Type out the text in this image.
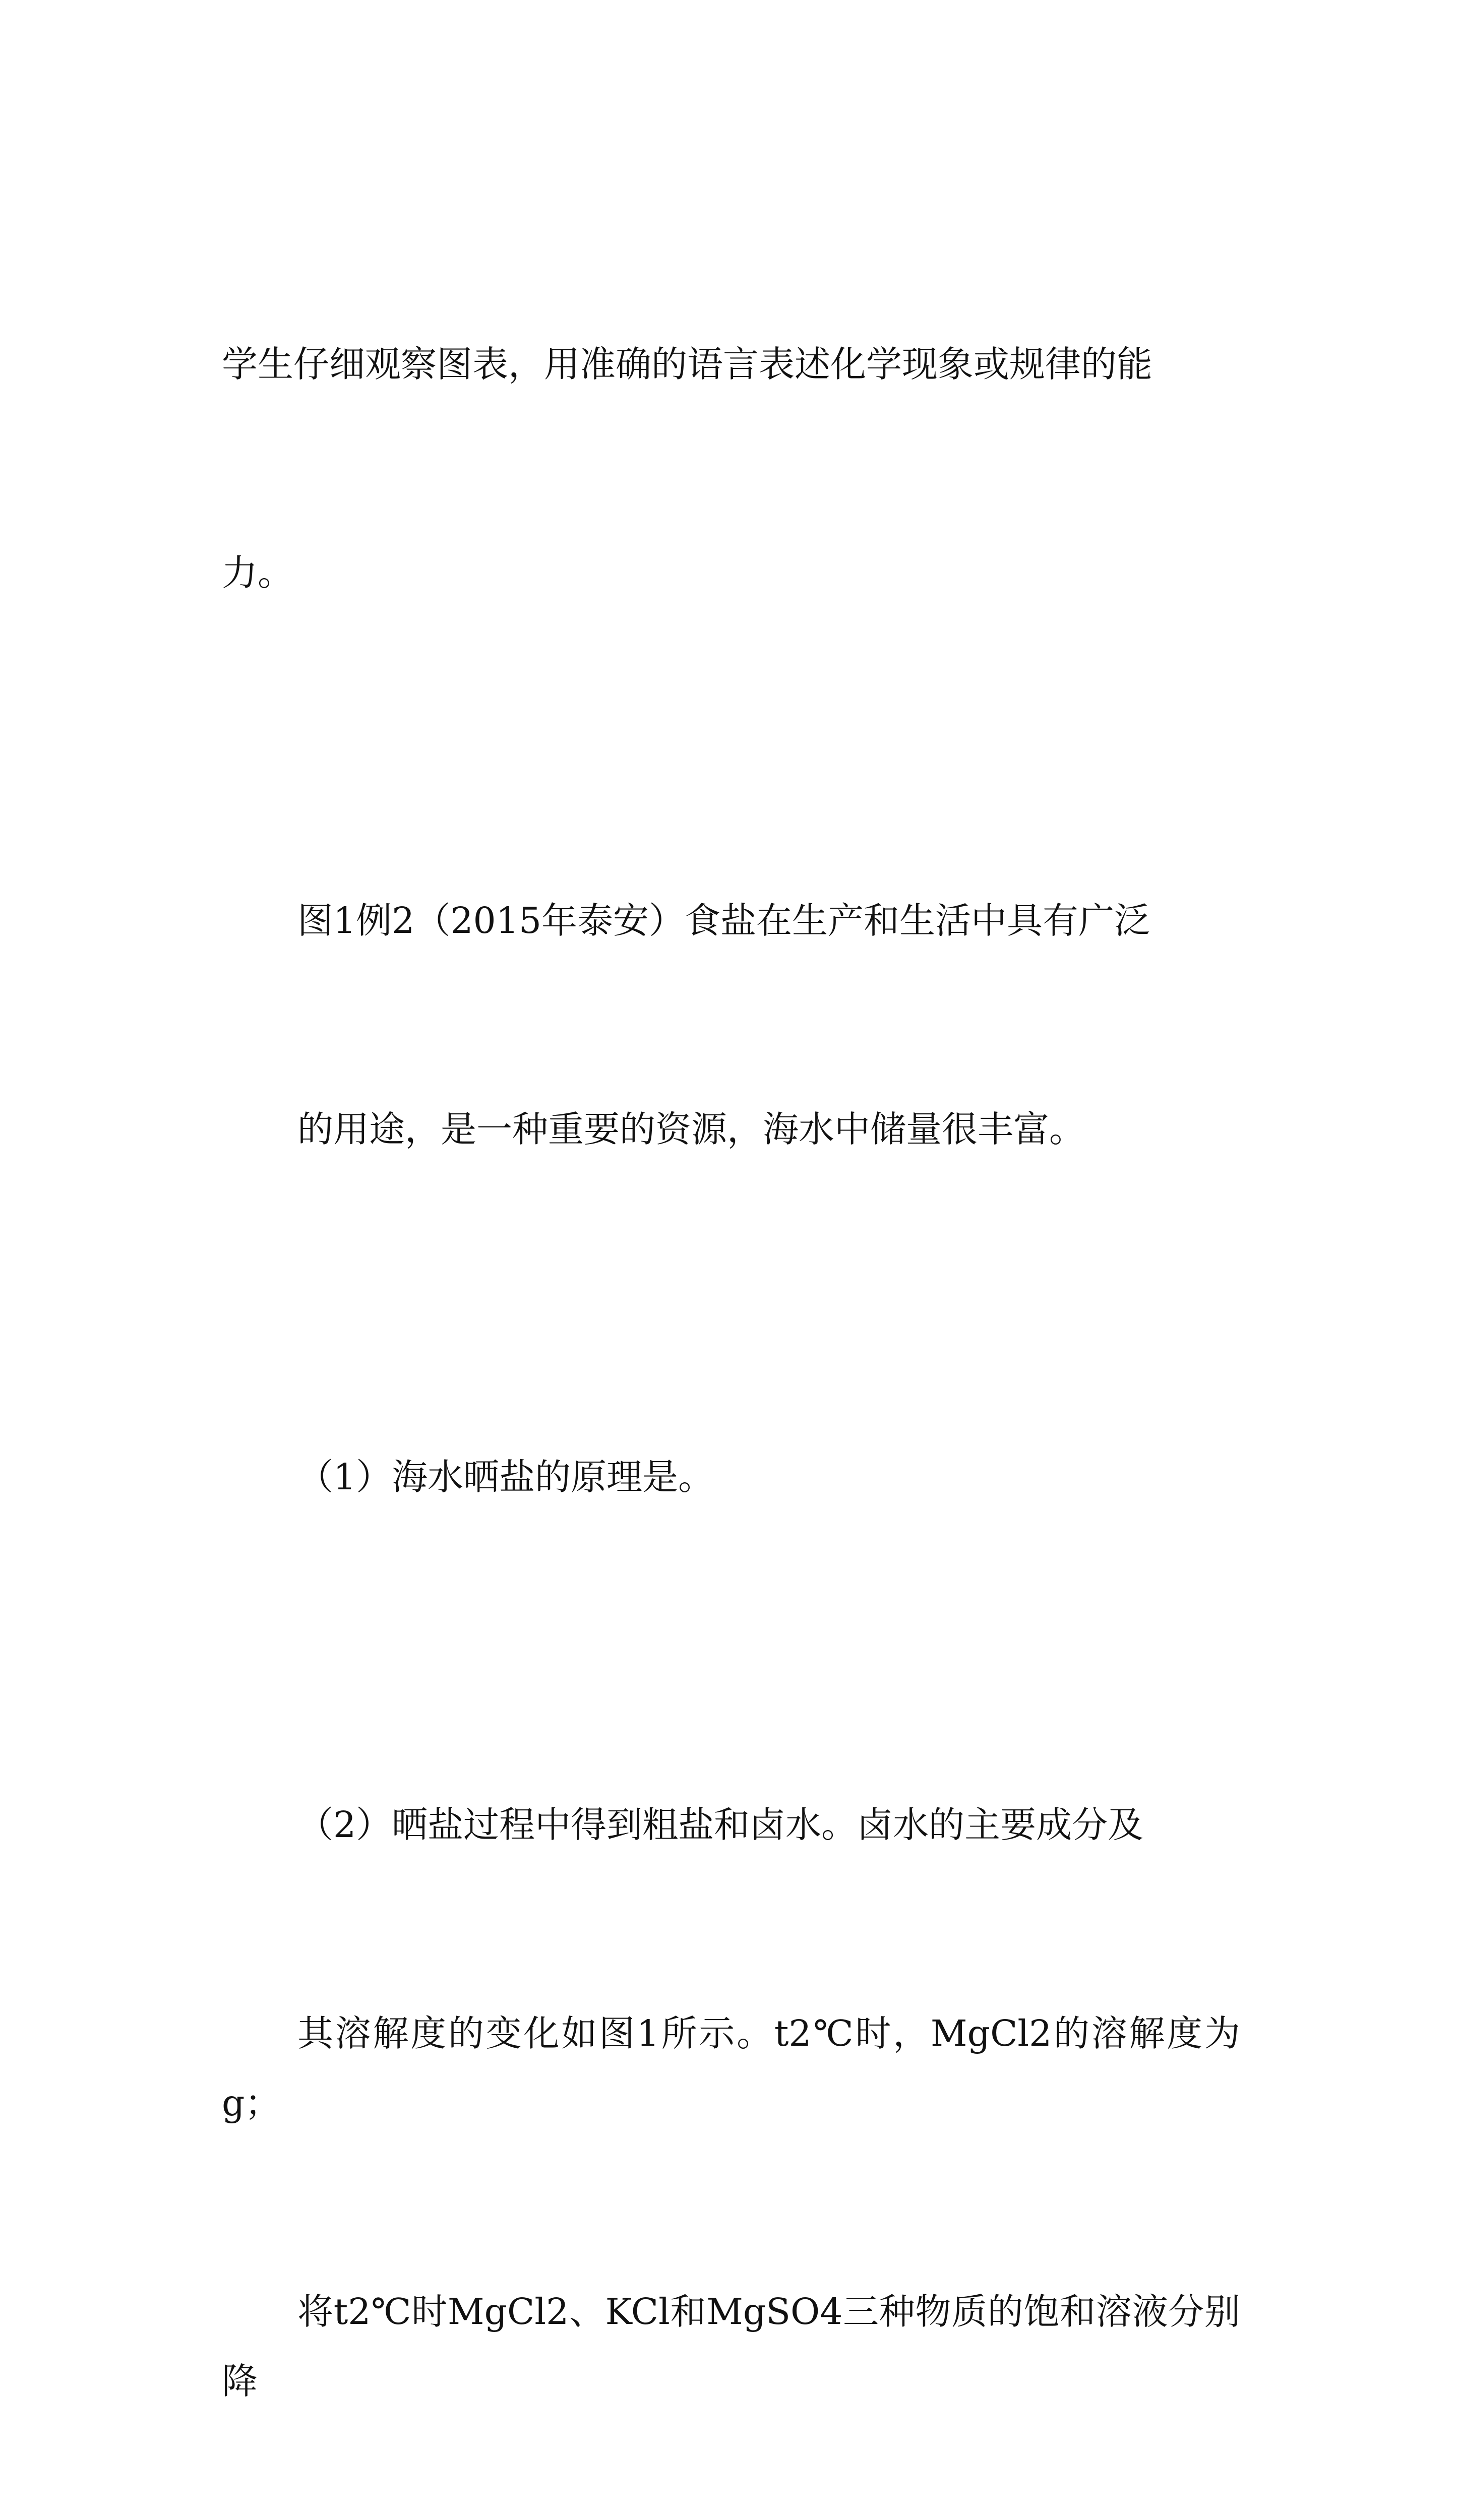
学生仔细观察图表，用准确的语言表述化学现象或规律的能

力。

图1例2（2015年泰安）食盐在生产和生活中具有广泛

的用途，是一种重要的资源，海水中储量很丰富。

（1）海水晒盐的原理是。

（2）晒盐过程中得到粗盐和卤水。卤水的主要成分及

其溶解度的变化如图1所示。t2℃时，MgCl2的溶解度为g；

将t2℃时MgCl2、KCl和MgSO4三种物质的饱和溶液分别降
